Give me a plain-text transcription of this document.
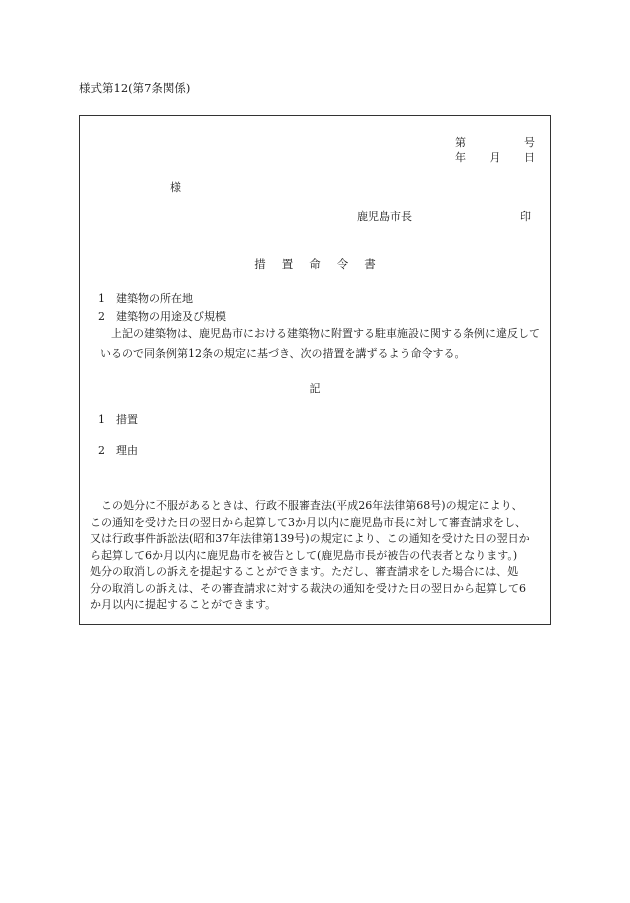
様式第12(第7条関係)
第	号
年 月 日
様
鹿児島市長	印
措置命令書
1 建築物の所在地
2 建築物の用途及び規模
上記の建築物は、鹿児島市における建築物に附置する駐車施設に関する条例に違反しているので同条例第12条の規定に基づき、次の措置を講ずるよう命令する。
記
1 措置
2 理由
　この処分に不服があるときは、行政不服審査法(平成26年法律第68号)の規定により、
この通知を受けた日の翌日から起算して3か月以内に鹿児島市長に対して審査請求をし、
又は行政事件訴訟法(昭和37年法律第139号)の規定により、この通知を受けた日の翌日か
ら起算して6か月以内に鹿児島市を被告として(鹿児島市長が被告の代表者となります。)
処分の取消しの訴えを提起することができます。ただし、審査請求をした場合には、処
分の取消しの訴えは、その審査請求に対する裁決の通知を受けた日の翌日から起算して6
か月以内に提起することができます。
